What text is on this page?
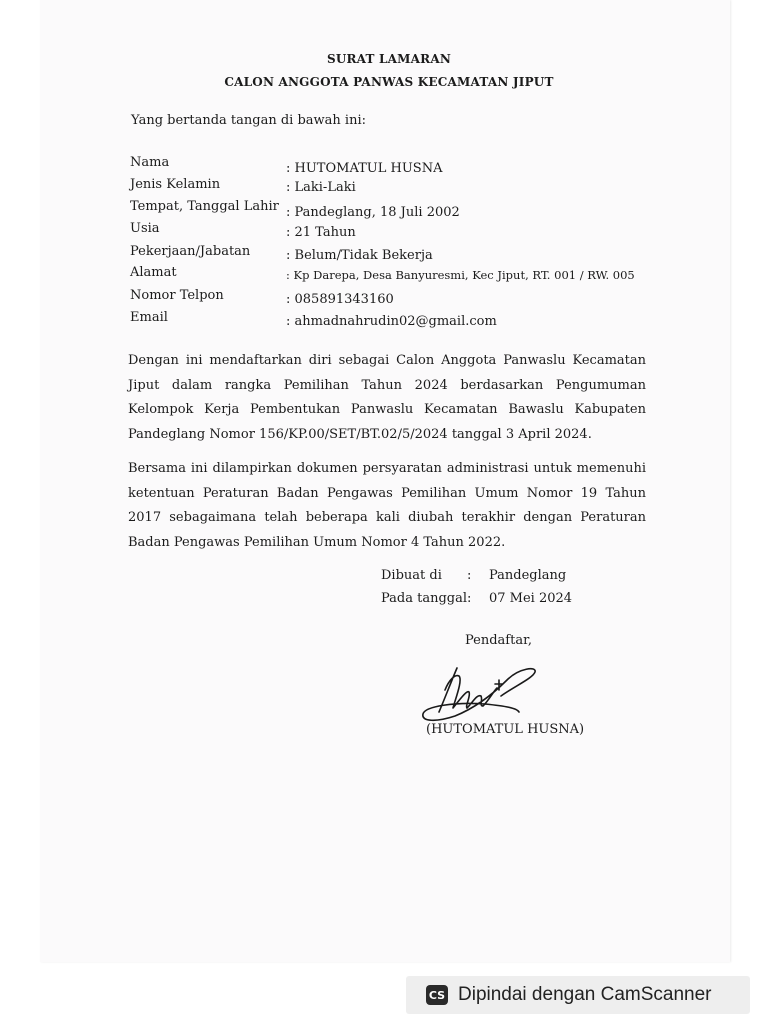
SURAT LAMARAN
CALON ANGGOTA PANWAS KECAMATAN JIPUT
Yang bertanda tangan di bawah ini:
Nama	: HUTOMATUL HUSNA
Jenis Kelamin	: Laki-Laki
Tempat, Tanggal Lahir : Pandeglang, 18 Juli 2002
Usia	: 21 Tahun
Pekerjaan/Jabatan	: Belum/Tidak Bekerja
Alamat	: Kp Darepa, Desa Banyuresmi, Kec Jiput, RT. 001 / RW. 005
Nomor Telpon	: 085891343160
Email	: ahmadnahrudin02@gmail.com
Dengan ini mendaftarkan diri sebagai Calon Anggota Panwaslu Kecamatan Jiput dalam rangka Pemilihan Tahun 2024 berdasarkan Pengumuman Kelompok Kerja Pembentukan Panwaslu Kecamatan Bawaslu Kabupaten Pandeglang Nomor 156/KP.00/SET/BT.02/5/2024 tanggal 3 April 2024.
Bersama ini dilampirkan dokumen persyaratan administrasi untuk memenuhi ketentuan Peraturan Badan Pengawas Pemilihan Umum Nomor 19 Tahun 2017 sebagaimana telah beberapa kali diubah terakhir dengan Peraturan Badan Pengawas Pemilihan Umum Nomor 4 Tahun 2022.
Dibuat di : Pandeglang
Pada tanggal : 07 Mei 2024
Pendaftar,
(HUTOMATUL HUSNA)
CS Dipindai dengan CamScanner
